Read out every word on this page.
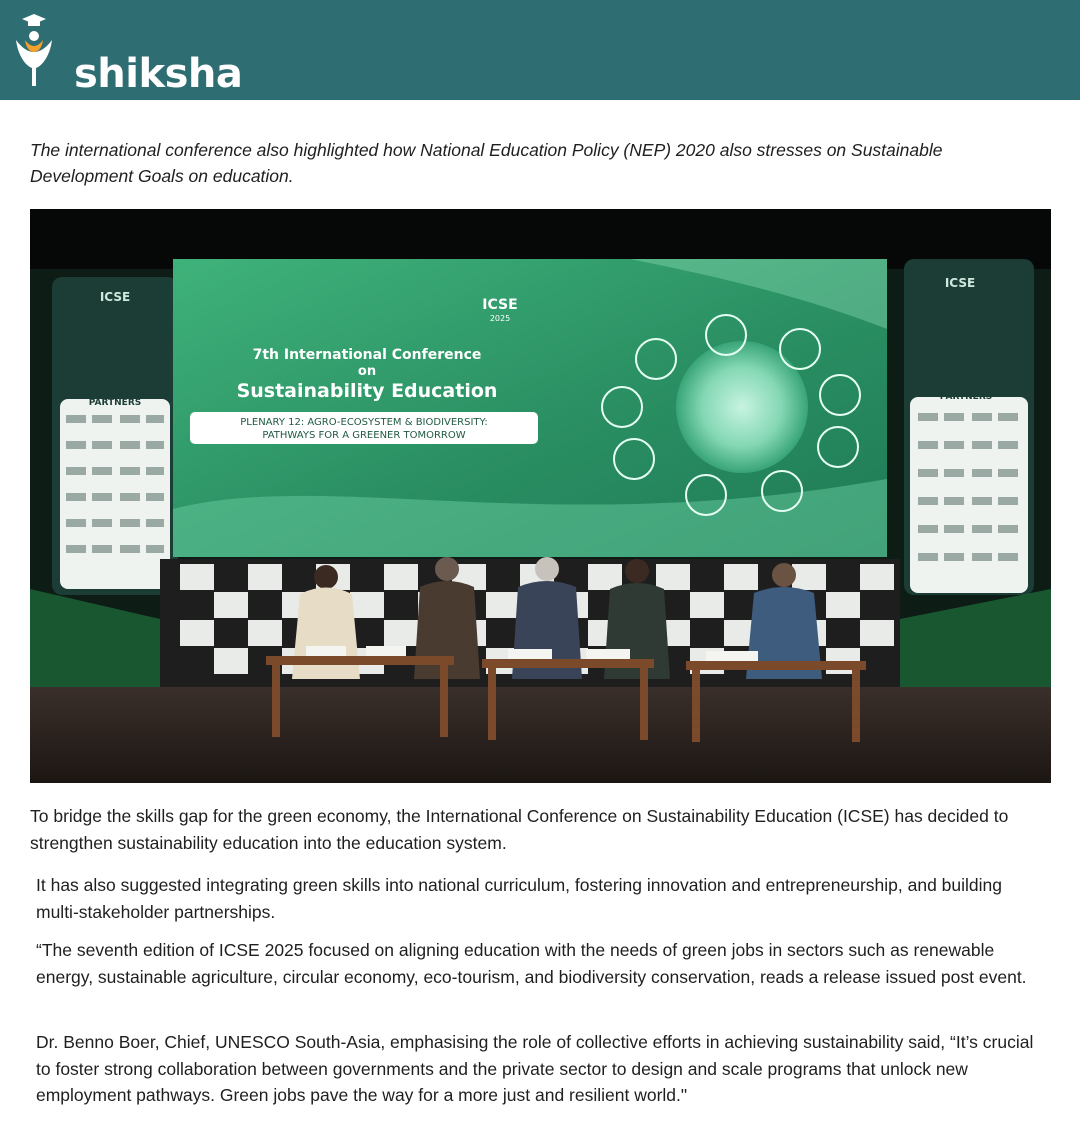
shiksha

The international conference also highlighted how National Education Policy (NEP) 2020 also stresses on Sustainable Development Goals on education.

ICSE
PARTNERS
ICSE
PARTNERS
ICSE
2025
7th International Conference
on
Sustainability Education
PLENARY 12: AGRO-ECOSYSTEM & BIODIVERSITY:
PATHWAYS FOR A GREENER TOMORROW

To bridge the skills gap for the green economy, the International Conference on Sustainability Education (ICSE) has decided to strengthen sustainability education into the education system.

It has also suggested integrating green skills into national curriculum, fostering innovation and entrepreneurship, and building multi-stakeholder partnerships.

“The seventh edition of ICSE 2025 focused on aligning education with the needs of green jobs in sectors such as renewable energy, sustainable agriculture, circular economy, eco-tourism, and biodiversity conservation, reads a release issued post event.

Dr. Benno Boer, Chief, UNESCO South-Asia, emphasising the role of collective efforts in achieving sustainability said, “It’s crucial to foster strong collaboration between governments and the private sector to design and scale programs that unlock new employment pathways. Green jobs pave the way for a more just and resilient world."
